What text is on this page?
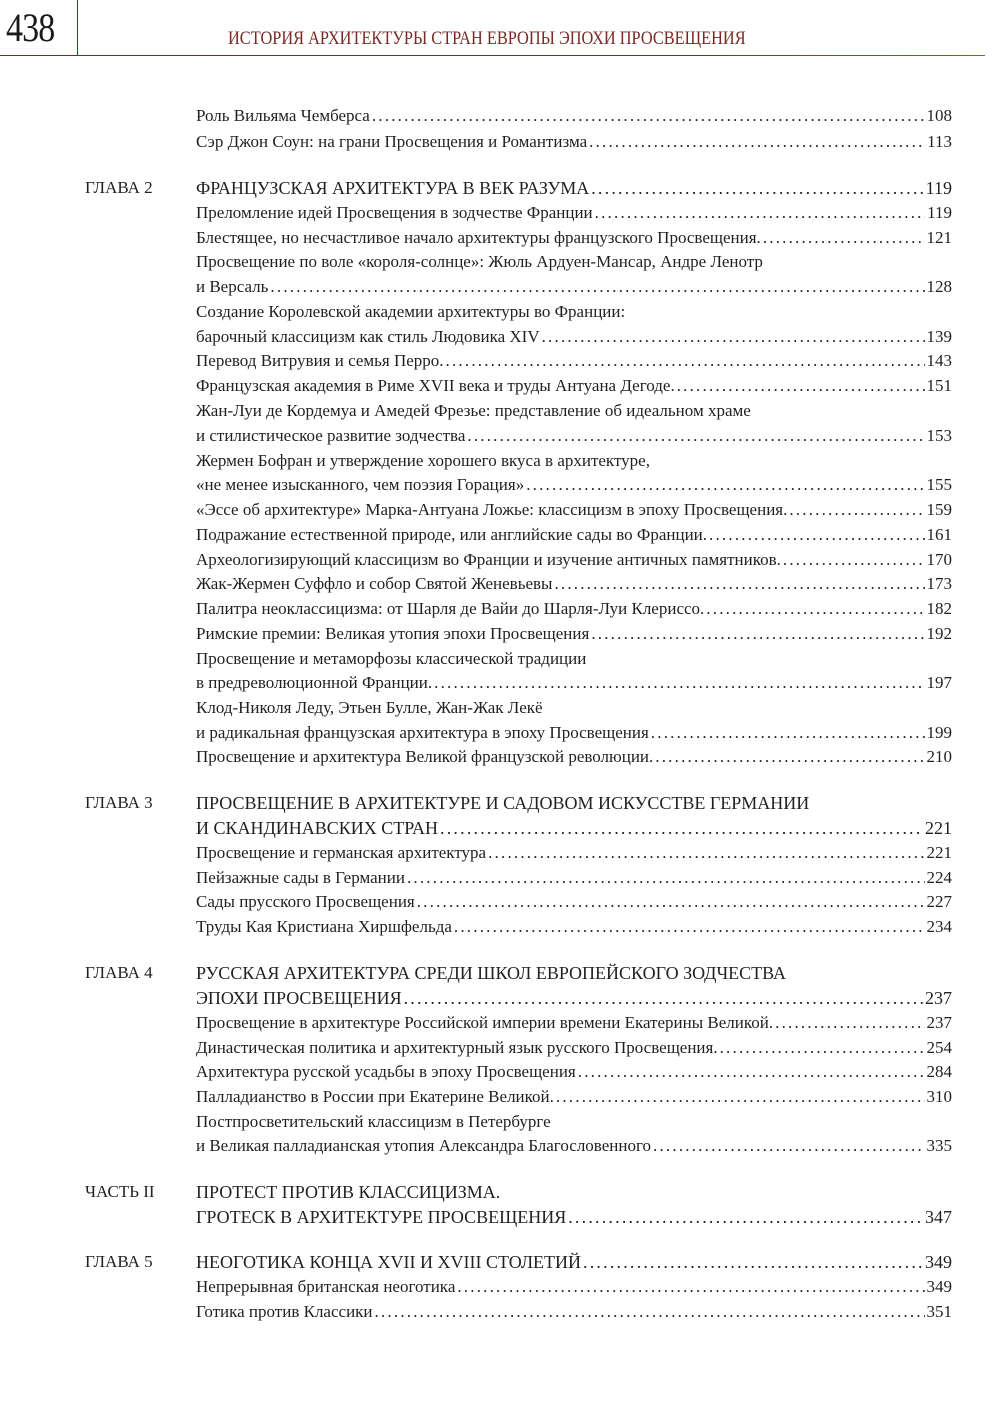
438	ИСТОРИЯ АРХИТЕКТУРЫ СТРАН ЕВРОПЫ ЭПОХИ ПРОСВЕЩЕНИЯ
Роль Вильяма Чемберса .....	108
Сэр Джон Соун: на грани Просвещения и Романтизма .....	113
ГЛАВА 2 ФРАНЦУЗСКАЯ АРХИТЕКТУРА В ВЕК РАЗУМА .....	119
Преломление идей Просвещения в зодчестве Франции .....	119
Блестящее, но несчастливое начало архитектуры французского Просвещения. .....	121
Просвещение по воле «короля-солнце»: Жюль Ардуен-Мансар, Андре Ленотр
и Версаль .....	128
Создание Королевской академии архитектуры во Франции:
барочный классицизм как стиль Людовика XIV .....	139
Перевод Витрувия и семья Перро. .....	143
Французская академия в Риме XVII века и труды Антуана Дегоде. .....	151
Жан-Луи де Кордемуа и Амедей Фрезье: представление об идеальном храме
и стилистическое развитие зодчества .....	153
Жермен Бофран и утверждение хорошего вкуса в архитектуре,
«не менее изысканного, чем поэзия Горация» .....	155
«Эссе об архитектуре» Марка-Антуана Ложье: классицизм в эпоху Просвещения. .....	159
Подражание естественной природе, или английские сады во Франции. .....	161
Археологизирующий классицизм во Франции и изучение античных памятников. .....	170
Жак-Жермен Суффло и собор Святой Женевьевы .....	173
Палитра неоклассицизма: от Шарля де Вайи до Шарля-Луи Клериссо. .....	182
Римские премии: Великая утопия эпохи Просвещения .....	192
Просвещение и метаморфозы классической традиции
в предреволюционной Франции. .....	197
Клод-Николя Леду, Этьен Булле, Жан-Жак Лекё
и радикальная французская архитектура в эпоху Просвещения .....	199
Просвещение и архитектура Великой французской революции. .....	210
ГЛАВА 3 ПРОСВЕЩЕНИЕ В АРХИТЕКТУРЕ И САДОВОМ ИСКУССТВЕ ГЕРМАНИИ
И СКАНДИНАВСКИХ СТРАН .....	221
Просвещение и германская архитектура .....	221
Пейзажные сады в Германии .....	224
Сады прусского Просвещения .....	227
Труды Кая Кристиана Хиршфельда .....	234
ГЛАВА 4 РУССКАЯ АРХИТЕКТУРА СРЕДИ ШКОЛ ЕВРОПЕЙСКОГО ЗОДЧЕСТВА
ЭПОХИ ПРОСВЕЩЕНИЯ .....	237
Просвещение в архитектуре Российской империи времени Екатерины Великой. .....	237
Династическая политика и архитектурный язык русского Просвещения. .....	254
Архитектура русской усадьбы в эпоху Просвещения .....	284
Палладианство в России при Екатерине Великой. .....	310
Постпросветительский классицизм в Петербурге
и Великая палладианская утопия Александра Благословенного .....	335
ЧАСТЬ II ПРОТЕСТ ПРОТИВ КЛАССИЦИЗМА.
ГРОТЕСК В АРХИТЕКТУРЕ ПРОСВЕЩЕНИЯ .....	347
ГЛАВА 5 НЕОГОТИКА КОНЦА XVII И XVIII СТОЛЕТИЙ .....	349
Непрерывная британская неоготика .....	349
Готика против Классики .....	351
